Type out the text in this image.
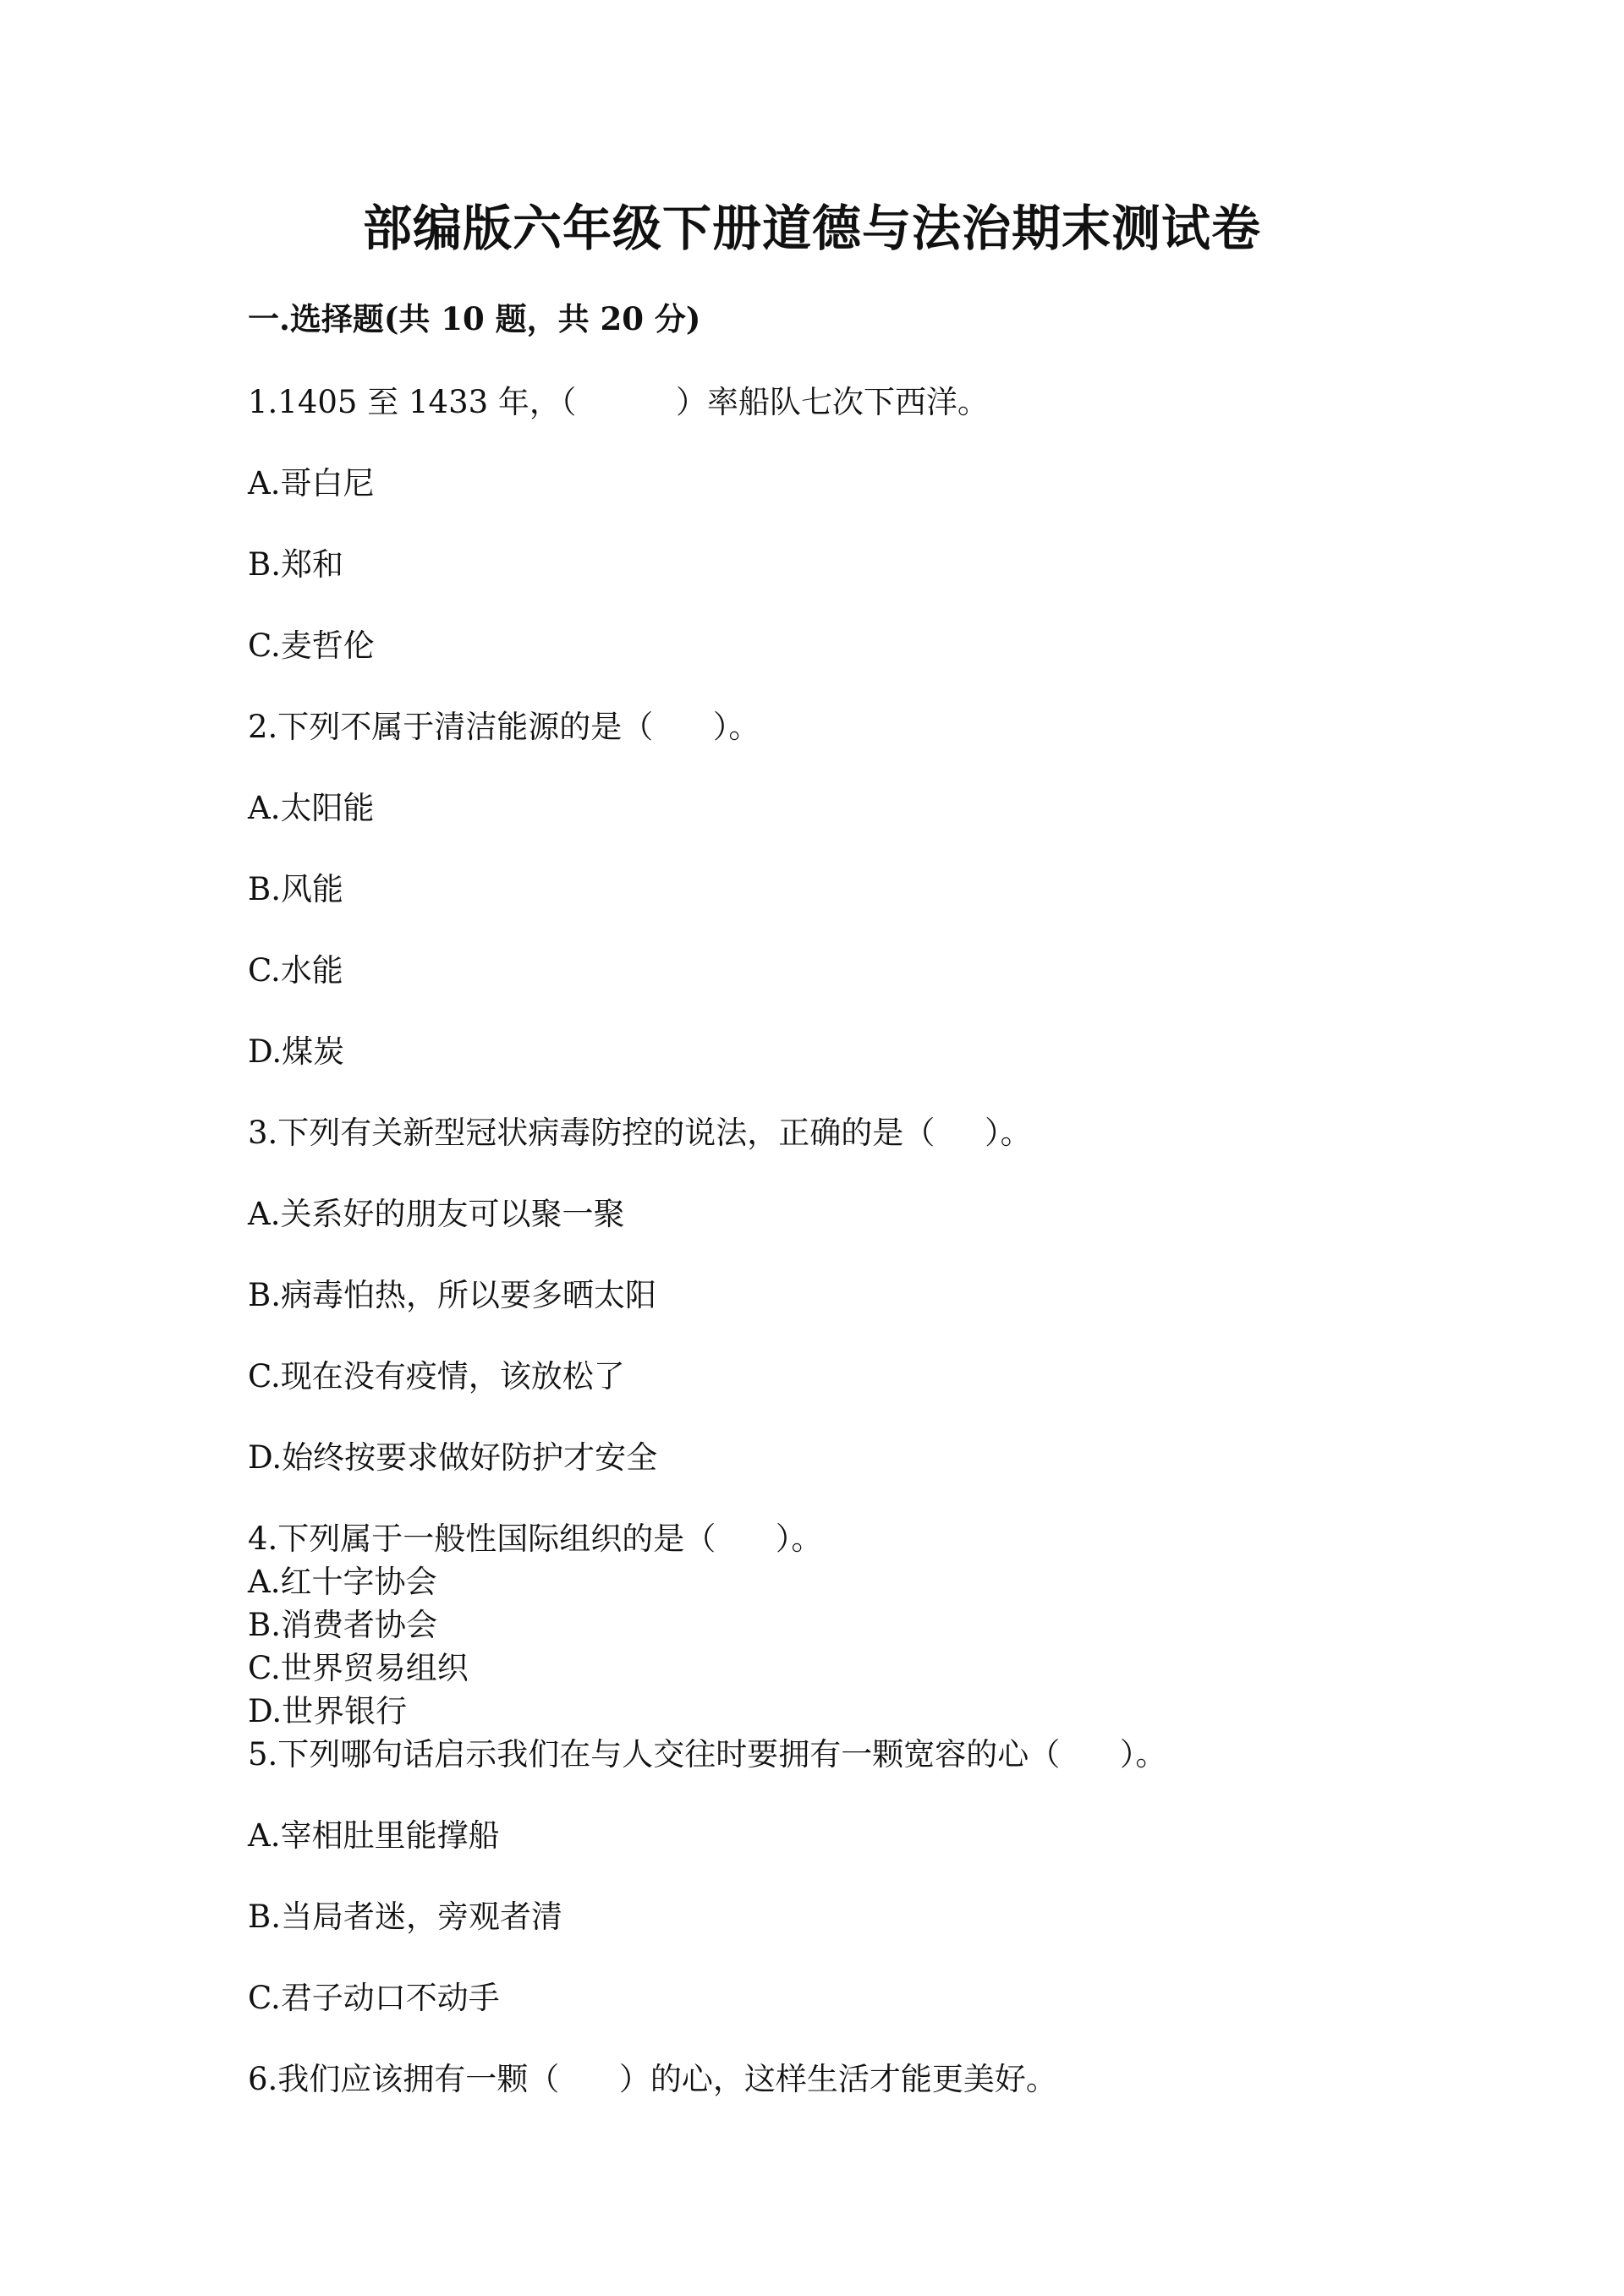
部编版六年级下册道德与法治期末测试卷
一.选择题(共 10 题，共 20 分)
1.1405 至 1433 年，（          ）率船队七次下西洋。
A.哥白尼
B.郑和
C.麦哲伦
2.下列不属于清洁能源的是（      ）。
A.太阳能
B.风能
C.水能
D.煤炭
3.下列有关新型冠状病毒防控的说法，正确的是（     ）。
A.关系好的朋友可以聚一聚
B.病毒怕热，所以要多晒太阳
C.现在没有疫情，该放松了
D.始终按要求做好防护才安全
4.下列属于一般性国际组织的是（      ）。
A.红十字协会
B.消费者协会
C.世界贸易组织
D.世界银行
5.下列哪句话启示我们在与人交往时要拥有一颗宽容的心（      ）。
A.宰相肚里能撑船
B.当局者迷，旁观者清
C.君子动口不动手
6.我们应该拥有一颗（      ）的心，这样生活才能更美好。
